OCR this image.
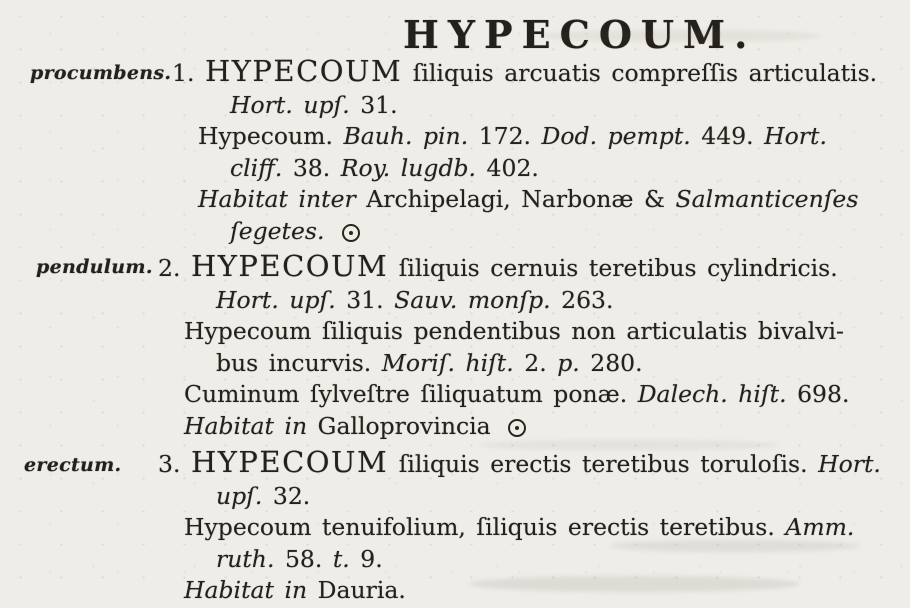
HYPECOUM.
procumbens. 1. HYPECOUM ſiliquis arcuatis compreſſis articulatis.
Hort. upſ. 31.
Hypecoum. Bauh. pin. 172. Dod. pempt. 449. Hort.
cliff. 38. Roy. lugdb. 402.
Habitat inter Archipelagi, Narbonæ & Salmanticenſes
ſegetes.
pendulum. 2. HYPECOUM ſiliquis cernuis teretibus cylindricis.
Hort. upſ. 31. Sauv. monſp. 263.
Hypecoum ſiliquis pendentibus non articulatis bivalvi-
bus incurvis. Moriſ. hiſt. 2. p. 280.
Cuminum ſylveſtre ſiliquatum ponæ. Dalech. hiſt. 698.
Habitat in Galloprovincia
erectum. 3. HYPECOUM ſiliquis erectis teretibus toruloſis. Hort.
upſ. 32.
Hypecoum tenuifolium, ſiliquis erectis teretibus. Amm.
ruth. 58. t. 9.
Habitat in Dauria.
